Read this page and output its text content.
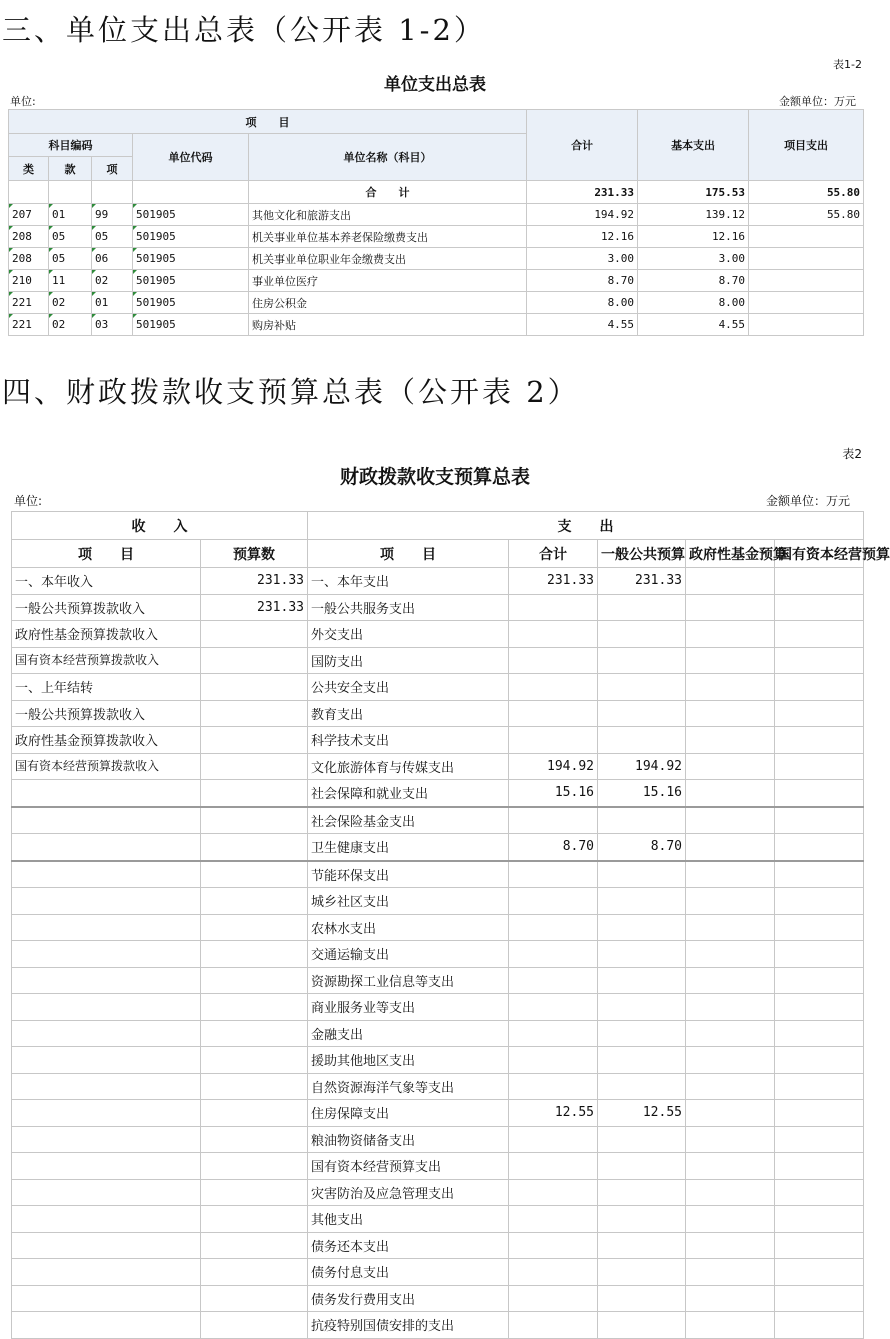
三、单位支出总表（公开表 1-2）
表1-2
单位支出总表
单位:	金额单位：万元
项　　目					合计	基本支出	项目支出
科目编码			单位代码	单位名称（科目）			
类	款	项					
				合　　计	231.33	175.53	55.80
207	01	99	501905	其他文化和旅游支出	194.92	139.12	55.80
208	05	05	501905	机关事业单位基本养老保险缴费支出	12.16	12.16	
208	05	06	501905	机关事业单位职业年金缴费支出	3.00	3.00	
210	11	02	501905	事业单位医疗	8.70	8.70	
221	02	01	501905	住房公积金	8.00	8.00	
221	02	03	501905	购房补贴	4.55	4.55	
四、财政拨款收支预算总表（公开表 2）
表2
财政拨款收支预算总表
单位:	金额单位：万元
收　　入		支　　出				
项　　目	预算数	项　　目	合计	一般公共预算	政府性基金预算	国有资本经营预算
一、本年收入	231.33	一、本年支出	231.33	231.33		
一般公共预算拨款收入	231.33	一般公共服务支出				
政府性基金预算拨款收入		外交支出				
国有资本经营预算拨款收入		国防支出				
一、上年结转		公共安全支出				
一般公共预算拨款收入		教育支出				
政府性基金预算拨款收入		科学技术支出				
国有资本经营预算拨款收入		文化旅游体育与传媒支出	194.92	194.92		
		社会保障和就业支出	15.16	15.16		
		社会保险基金支出				
		卫生健康支出	8.70	8.70		
		节能环保支出				
		城乡社区支出				
		农林水支出				
		交通运输支出				
		资源勘探工业信息等支出				
		商业服务业等支出				
		金融支出				
		援助其他地区支出				
		自然资源海洋气象等支出				
		住房保障支出	12.55	12.55		
		粮油物资储备支出				
		国有资本经营预算支出				
		灾害防治及应急管理支出				
		其他支出				
		债务还本支出				
		债务付息支出				
		债务发行费用支出				
		抗疫特别国债安排的支出				
